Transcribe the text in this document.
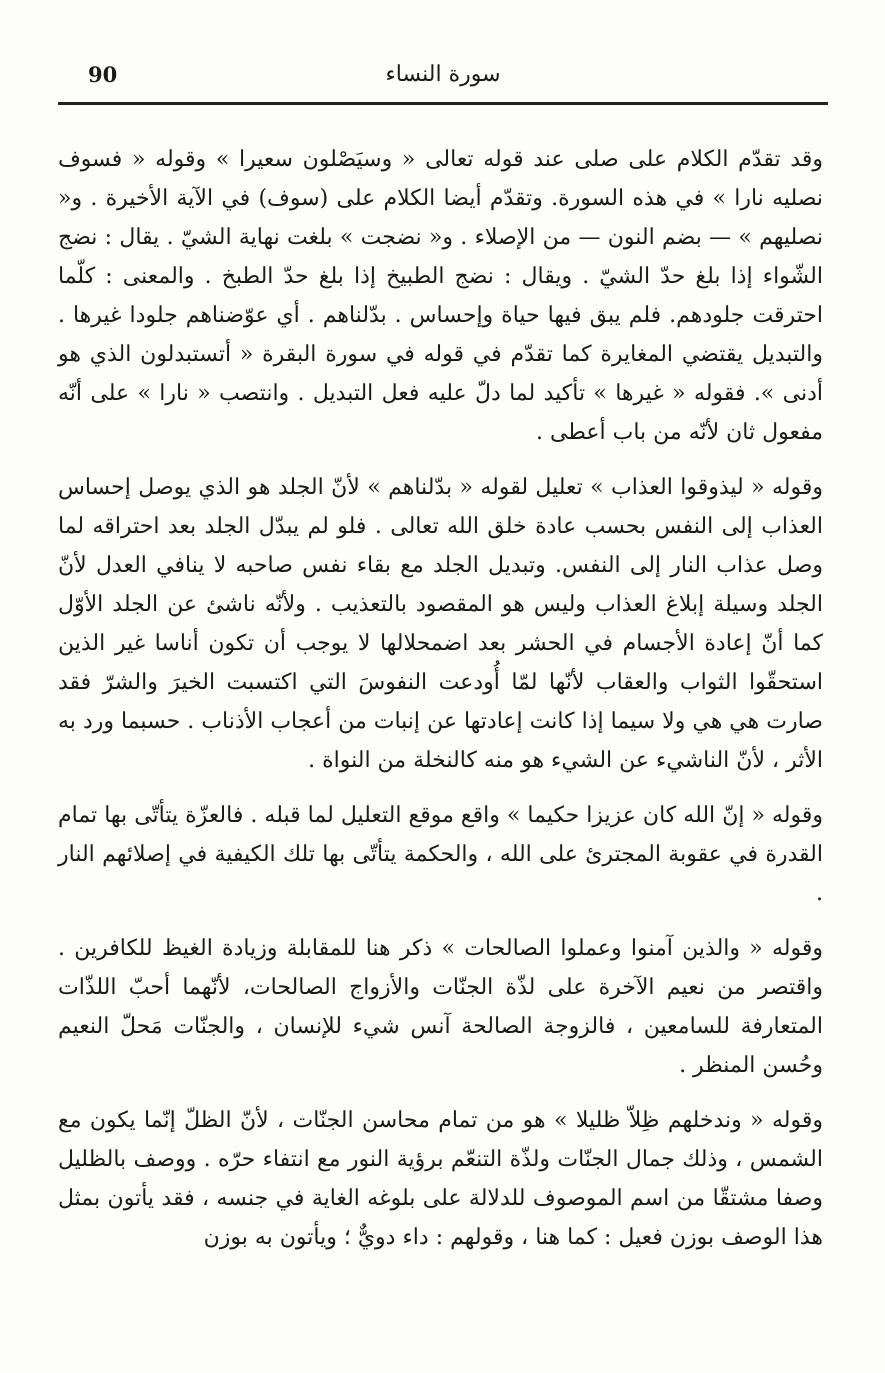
90	سورة النساء

وقد تقدّم الكلام على صلى عند قوله تعالى « وسيَصْلون سعيرا » وقوله « فسوف نصليه نارا » في هذه السورة. وتقدّم أيضا الكلام على (سوف) في الآية الأخيرة . و« نصليهم » — بضم النون — من الإصلاء . و« نضجت » بلغت نهاية الشيّ . يقال : نضج الشّواء إذا بلغ حدّ الشيّ . ويقال : نضج الطبيخ إذا بلغ حدّ الطبخ . والمعنى : كلّما احترقت جلودهم. فلم يبق فيها حياة وإحساس . بدّلناهم . أي عوّضناهم جلودا غيرها . والتبديل يقتضي المغايرة كما تقدّم في قوله في سورة البقرة « أتستبدلون الذي هو أدنى ». فقوله « غيرها » تأكيد لما دلّ عليه فعل التبديل . وانتصب « نارا » على أنّه مفعول ثان لأنّه من باب أعطى .

وقوله « ليذوقوا العذاب » تعليل لقوله « بدّلناهم » لأنّ الجلد هو الذي يوصل إحساس العذاب إلى النفس بحسب عادة خلق الله تعالى . فلو لم يبدّل الجلد بعد احتراقه لما وصل عذاب النار إلى النفس. وتبديل الجلد مع بقاء نفس صاحبه لا ينافي العدل لأنّ الجلد وسيلة إبلاغ العذاب وليس هو المقصود بالتعذيب . ولأنّه ناشئ عن الجلد الأوّل كما أنّ إعادة الأجسام في الحشر بعد اضمحلالها لا يوجب أن تكون أناسا غير الذين استحقّوا الثواب والعقاب لأنّها لمّا أُودعت النفوسَ التي اكتسبت الخيرَ والشرّ فقد صارت هي هي ولا سيما إذا كانت إعادتها عن إنبات من أعجاب الأذناب . حسبما ورد به الأثر ، لأنّ الناشيء عن الشيء هو منه كالنخلة من النواة .

وقوله « إنّ الله كان عزيزا حكيما » واقع موقع التعليل لما قبله . فالعزّة يتأتّى بها تمام القدرة في عقوبة المجترئ على الله ، والحكمة يتأتّى بها تلك الكيفية في إصلائهم النار .

وقوله « والذين آمنوا وعملوا الصالحات » ذكر هنا للمقابلة وزيادة الغيظ للكافرين . واقتصر من نعيم الآخرة على لذّة الجنّات والأزواج الصالحات، لأنّهما أحبّ اللذّات المتعارفة للسامعين ، فالزوجة الصالحة آنس شيء للإنسان ، والجنّات مَحلّ النعيم وحُسن المنظر .

وقوله « وندخلهم ظِلاّ ظليلا » هو من تمام محاسن الجنّات ، لأنّ الظلّ إنّما يكون مع الشمس ، وذلك جمال الجنّات ولذّة التنعّم برؤية النور مع انتفاء حرّه . ووصف بالظليل وصفا مشتقّا من اسم الموصوف للدلالة على بلوغه الغاية في جنسه ، فقد يأتون بمثل هذا الوصف بوزن فعيل : كما هنا ، وقولهم : داء دويٌّ ؛ ويأتون به بوزن
